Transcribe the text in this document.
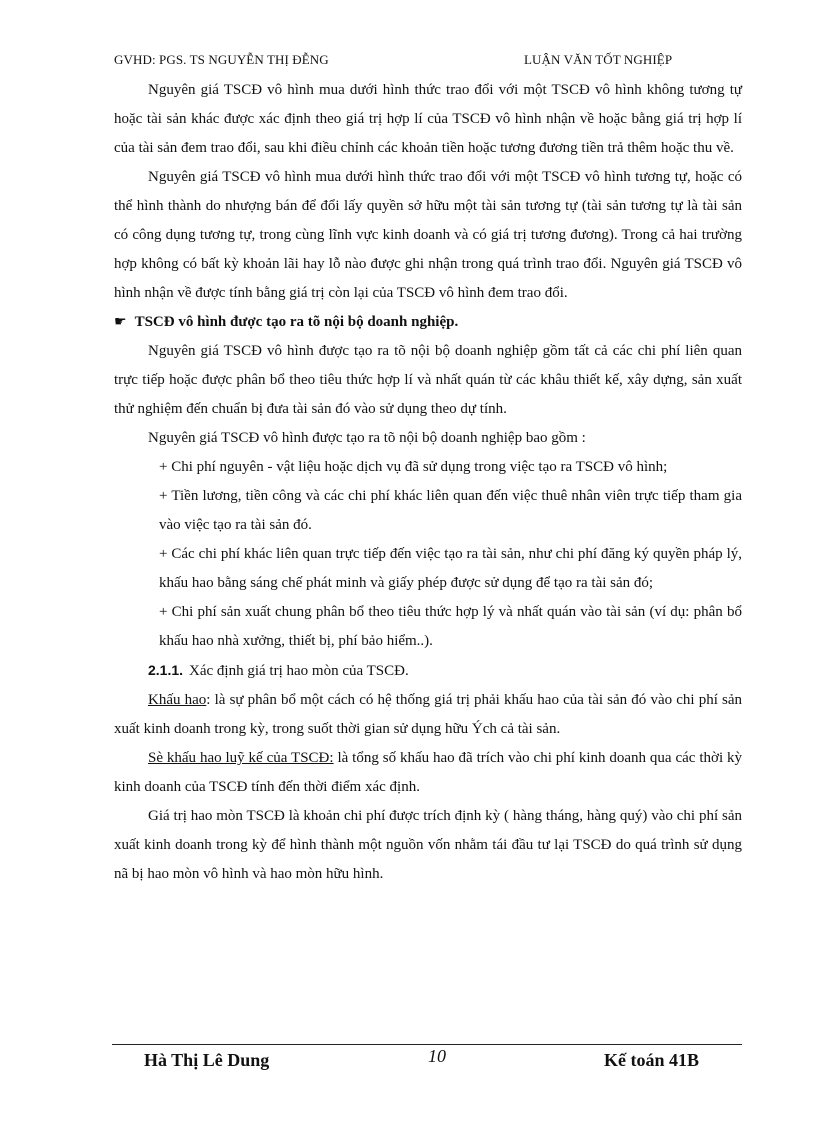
GVHD: PGS. TS NGUYỄN THỊ ĐỄNG	LUẬN VĂN TỐT NGHIỆP

Nguyên giá TSCĐ vô hình mua dưới hình thức trao đổi với một TSCĐ vô hình không tương tự hoặc tài sản khác được xác định theo giá trị hợp lí của TSCĐ vô hình nhận về hoặc bằng giá trị hợp lí của tài sản đem trao đổi, sau khi điều chỉnh các khoản tiền hoặc tương đương tiền trả thêm hoặc thu về.

Nguyên giá TSCĐ vô hình mua dưới hình thức trao đổi với một TSCĐ vô hình tương tự, hoặc có thể hình thành do nhượng bán để đổi lấy quyền sở hữu một tài sản tương tự (tài sản tương tự là tài sản có công dụng tương tự, trong cùng lĩnh vực kinh doanh và có giá trị tương đương). Trong cả hai trường hợp không có bất kỳ khoản lãi hay lỗ nào được ghi nhận trong quá trình trao đổi. Nguyên giá TSCĐ vô hình nhận về được tính bằng giá trị còn lại của TSCĐ vô hình đem trao đổi.

☛ TSCĐ vô hình được tạo ra tõ nội bộ doanh nghiệp.

Nguyên giá TSCĐ vô hình được tạo ra tõ nội bộ doanh nghiệp gồm tất cả các chi phí liên quan trực tiếp hoặc được phân bổ theo tiêu thức hợp lí và nhất quán từ các khâu thiết kế, xây dựng, sản xuất thử nghiệm đến chuẩn bị đưa tài sản đó vào sử dụng theo dự tính.

Nguyên giá TSCĐ vô hình được tạo ra tõ nội bộ doanh nghiệp bao gồm :

+ Chi phí nguyên - vật liệu hoặc dịch vụ đã sử dụng trong việc tạo ra TSCĐ vô hình;

+ Tiền lương, tiền công và các chi phí khác liên quan đến việc thuê nhân viên trực tiếp tham gia vào việc tạo ra tài sản đó.

+ Các chi phí khác liên quan trực tiếp đến việc tạo ra tài sản, như chi phí đăng ký quyền pháp lý, khấu hao bằng sáng chế phát minh và giấy phép được sử dụng để tạo ra tài sản đó;

+ Chi phí sản xuất chung phân bổ theo tiêu thức hợp lý và nhất quán vào tài sản (ví dụ: phân bổ khấu hao nhà xưởng, thiết bị, phí bảo hiểm..).

2.1.1. Xác định giá trị hao mòn của TSCĐ.

Khấu hao: là sự phân bổ một cách có hệ thống giá trị phải khấu hao của tài sản đó vào chi phí sản xuất kinh doanh trong kỳ, trong suốt thời gian sử dụng hữu Ých cả tài sản.

Sè khấu hao luỹ kế của TSCĐ: là tổng số khấu hao đã trích vào chi phí kinh doanh qua các thời kỳ kinh doanh của TSCĐ tính đến thời điểm xác định.

Giá trị hao mòn TSCĐ là khoản chi phí được trích định kỳ ( hàng tháng, hàng quý) vào chi phí sản xuất kinh doanh trong kỳ để hình thành một nguồn vốn nhằm tái đầu tư lại TSCĐ do quá trình sử dụng nã bị hao mòn vô hình và hao mòn hữu hình.

Hà Thị Lê Dung	10	Kế toán 41B
